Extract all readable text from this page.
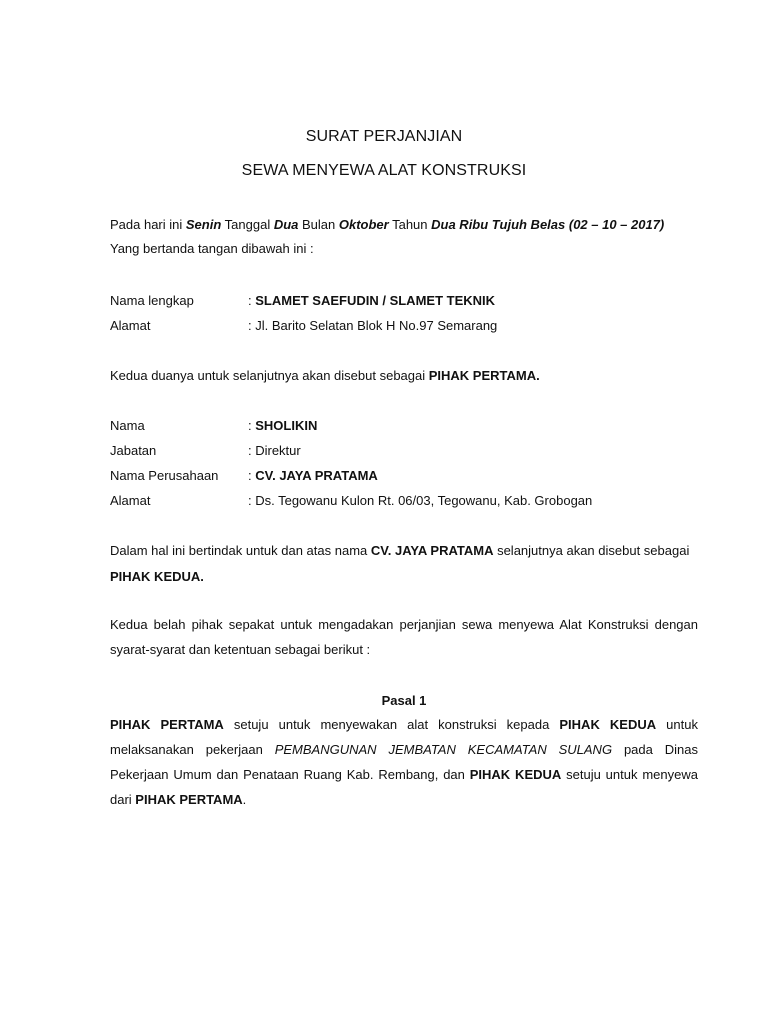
SURAT PERJANJIAN
SEWA MENYEWA ALAT KONSTRUKSI
Pada hari ini Senin Tanggal Dua Bulan Oktober Tahun Dua Ribu Tujuh Belas (02 – 10 – 2017)
Yang bertanda tangan dibawah ini :
Nama lengkap	: SLAMET SAEFUDIN / SLAMET TEKNIK
Alamat	: Jl. Barito Selatan Blok H No.97 Semarang
Kedua duanya untuk selanjutnya akan disebut sebagai PIHAK PERTAMA.
Nama	: SHOLIKIN
Jabatan	: Direktur
Nama Perusahaan : CV. JAYA PRATAMA
Alamat	: Ds. Tegowanu Kulon Rt. 06/03, Tegowanu, Kab. Grobogan
Dalam hal ini bertindak untuk dan atas nama CV. JAYA PRATAMA selanjutnya akan disebut sebagai
PIHAK KEDUA.
Kedua belah pihak sepakat untuk mengadakan perjanjian sewa menyewa Alat Konstruksi dengan syarat-syarat dan ketentuan sebagai berikut :
Pasal 1
PIHAK PERTAMA setuju untuk menyewakan alat konstruksi kepada PIHAK KEDUA untuk melaksanakan pekerjaan PEMBANGUNAN JEMBATAN KECAMATAN SULANG pada Dinas Pekerjaan Umum dan Penataan Ruang Kab. Rembang, dan PIHAK KEDUA setuju untuk menyewa dari PIHAK PERTAMA.
